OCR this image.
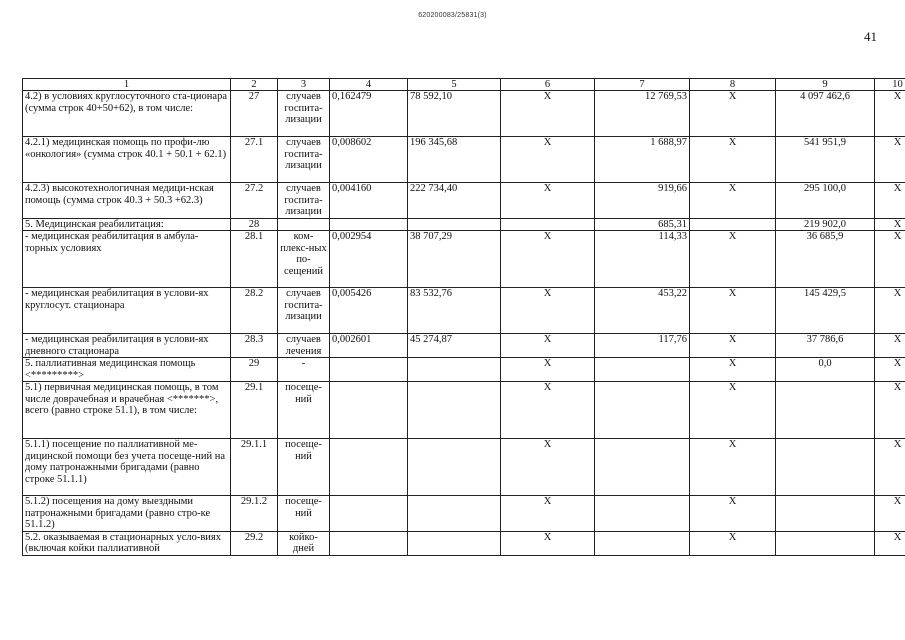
620200083/25831(3)
41
1	2	3	4	5	6	7	8	9	10
4.2) в условиях круглосуточного ста-ционара (сумма строк 40+50+62), в том числе:	27	случаев госпита-лизации	0,162479	78 592,10	X	12 769,53	X	4 097 462,6	X
4.2.1) медицинская помощь по профи-лю «онкология» (сумма строк 40.1 + 50.1 + 62.1)	27.1	случаев госпита-лизации	0,008602	196 345,68	X	1 688,97	X	541 951,9	X
4.2.3) высокотехнологичная медици-нская помощь (сумма строк 40.3 + 50.3 +62.3)	27.2	случаев госпита-лизации	0,004160	222 734,40	X	919,66	X	295 100,0	X
5. Медицинская реабилитация:	28					685,31		219 902,0	X
- медицинская реабилитация в амбула-торных условиях	28.1	ком-плекс-ных по-сещений	0,002954	38 707,29	X	114,33	X	36 685,9	X
- медицинская реабилитация в услови-ях круглосут. стационара	28.2	случаев госпита-лизации	0,005426	83 532,76	X	453,22	X	145 429,5	X
- медицинская реабилитация в услови-ях дневного стационара	28.3	случаев лечения	0,002601	45 274,87	X	117,76	X	37 786,6	X
5. паллиативная медицинская помощь <*********>	29	-			X		X	0,0	X
5.1) первичная медицинская помощь, в том числе доврачебная и врачебная <*******>, всего (равно строке 51.1), в том числе:	29.1	посеще-ний			X		X		X
5.1.1) посещение по паллиативной ме-дицинской помощи без учета посеще-ний на дому патронажными бригадами (равно строке 51.1.1)	29.1.1	посеще-ний			X		X		X
5.1.2) посещения на дому выездными патронажными бригадами (равно стро-ке 51.1.2)	29.1.2	посеще-ний			X		X		X
5.2. оказываемая в стационарных усло-виях (включая койки паллиативной	29.2	койко-дней			X		X		X
